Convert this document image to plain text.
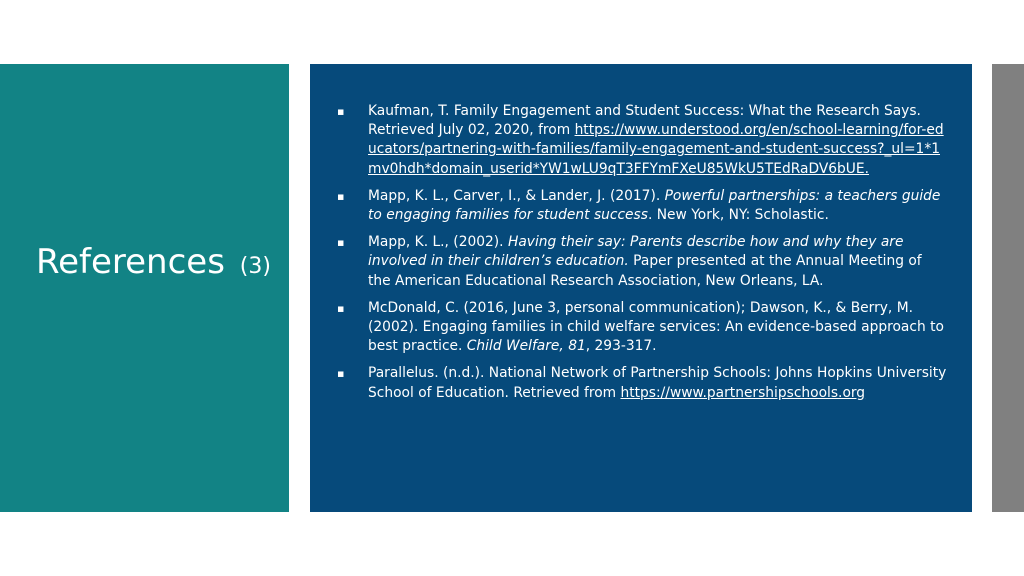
References (3)
▪ Kaufman, T. Family Engagement and Student Success: What the Research Says. Retrieved July 02, 2020, from https://www.understood.org/en/school-learning/for-educators/partnering-with-families/family-engagement-and-student-success?_ul=1*1mv0hdh*domain_userid*YW1wLU9qT3FFYmFXeU85WkU5TEdRaDV6bUE.
▪ Mapp, K. L., Carver, I., & Lander, J. (2017). Powerful partnerships: a teachers guide to engaging families for student success. New York, NY: Scholastic.
▪ Mapp, K. L., (2002). Having their say: Parents describe how and why they are involved in their children’s education. Paper presented at the Annual Meeting of the American Educational Research Association, New Orleans, LA.
▪ McDonald, C. (2016, June 3, personal communication); Dawson, K., & Berry, M. (2002). Engaging families in child welfare services: An evidence-based approach to best practice. Child Welfare, 81, 293-317.
▪ Parallelus. (n.d.). National Network of Partnership Schools: Johns Hopkins University School of Education. Retrieved from https://www.partnershipschools.org
